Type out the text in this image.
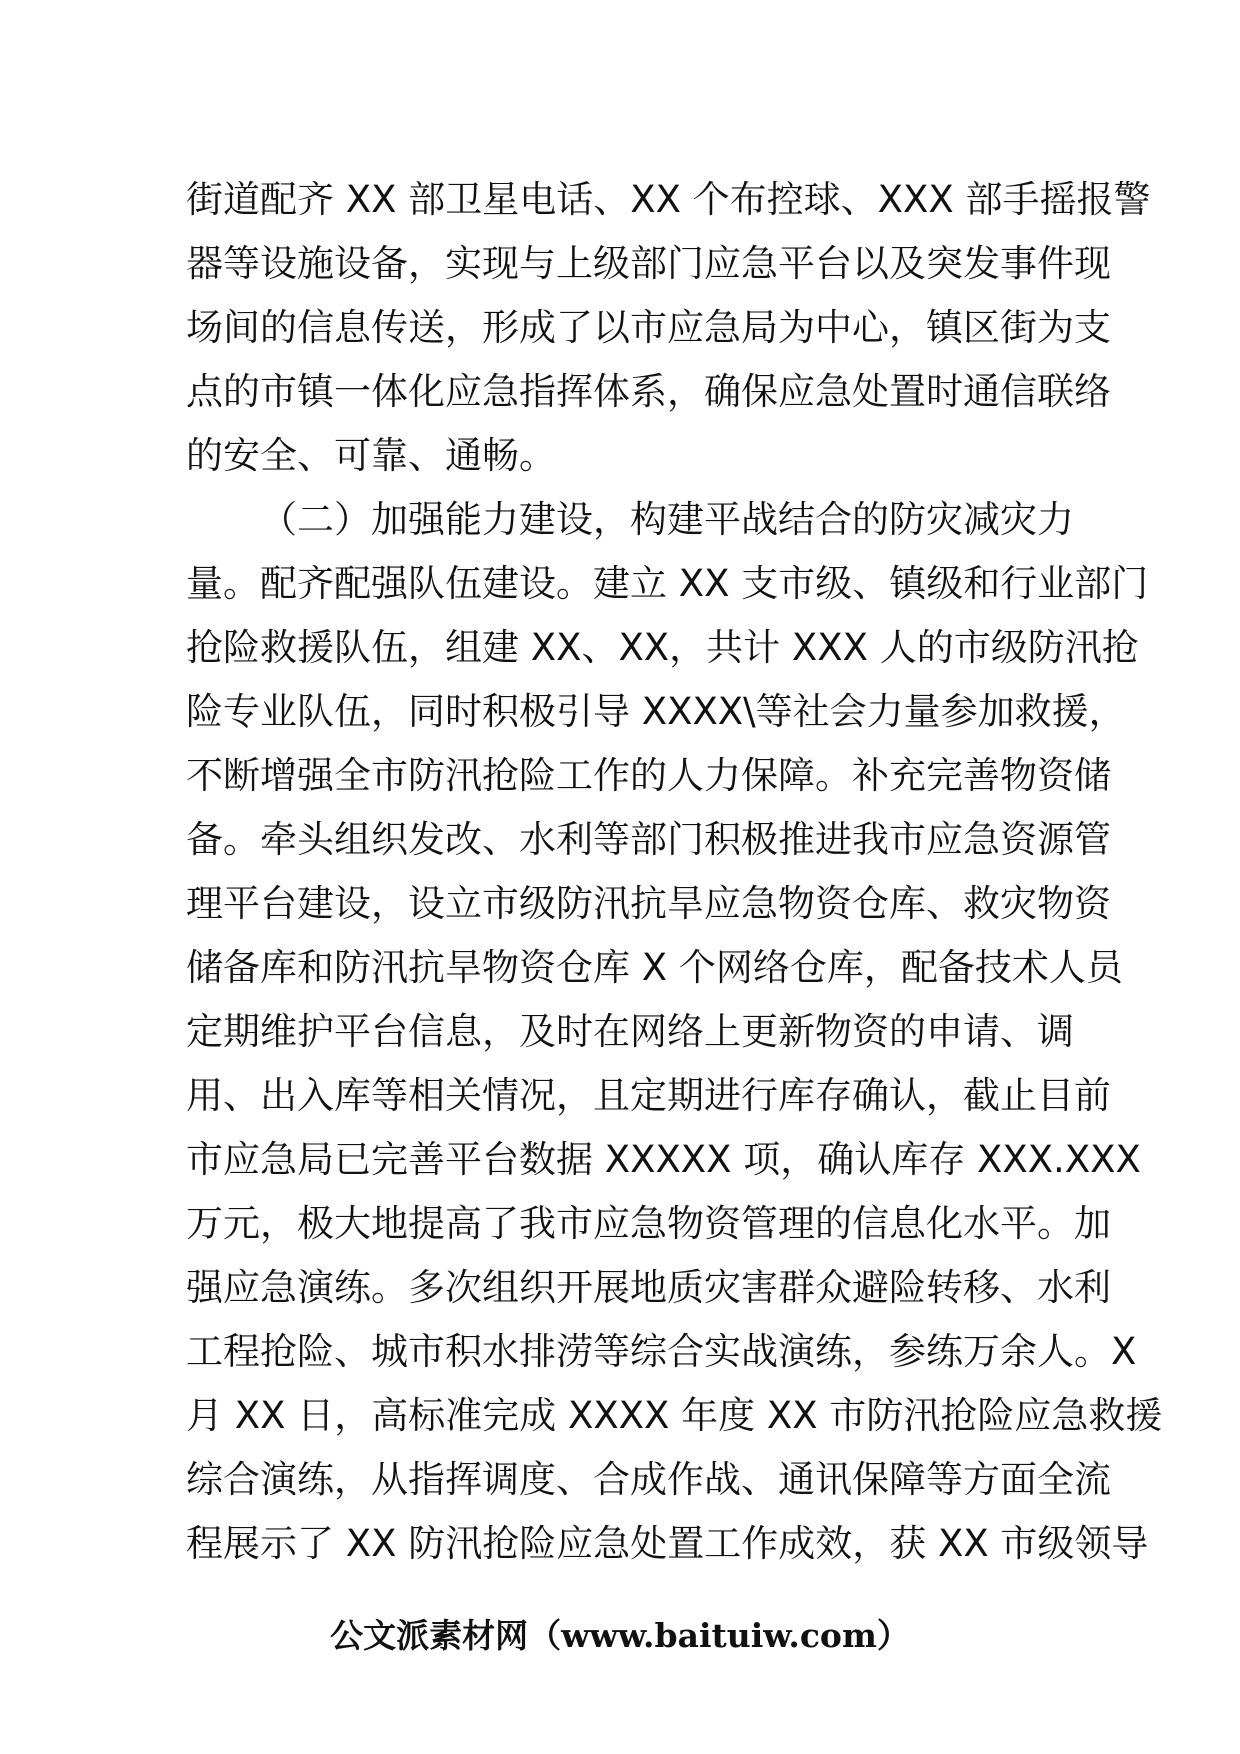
街道配齐 XX 部卫星电话、XX 个布控球、XXX 部手摇报警
器等设施设备，实现与上级部门应急平台以及突发事件现
场间的信息传送，形成了以市应急局为中心，镇区街为支
点的市镇一体化应急指挥体系，确保应急处置时通信联络
的安全、可靠、通畅。
（二）加强能力建设，构建平战结合的防灾减灾力
量。配齐配强队伍建设。建立 XX 支市级、镇级和行业部门
抢险救援队伍，组建 XX、XX，共计 XXX 人的市级防汛抢
险专业队伍，同时积极引导 XXXX\等社会力量参加救援，
不断增强全市防汛抢险工作的人力保障。补充完善物资储
备。牵头组织发改、水利等部门积极推进我市应急资源管
理平台建设，设立市级防汛抗旱应急物资仓库、救灾物资
储备库和防汛抗旱物资仓库 X 个网络仓库，配备技术人员
定期维护平台信息，及时在网络上更新物资的申请、调
用、出入库等相关情况，且定期进行库存确认，截止目前
市应急局已完善平台数据 XXXXX 项，确认库存 XXX.XXX
万元，极大地提高了我市应急物资管理的信息化水平。加
强应急演练。多次组织开展地质灾害群众避险转移、水利
工程抢险、城市积水排涝等综合实战演练，参练万余人。X
月 XX 日，高标准完成 XXXX 年度 XX 市防汛抢险应急救援
综合演练，从指挥调度、合成作战、通讯保障等方面全流
程展示了 XX 防汛抢险应急处置工作成效，获 XX 市级领导
公文派素材网（www.baituiw.com）
